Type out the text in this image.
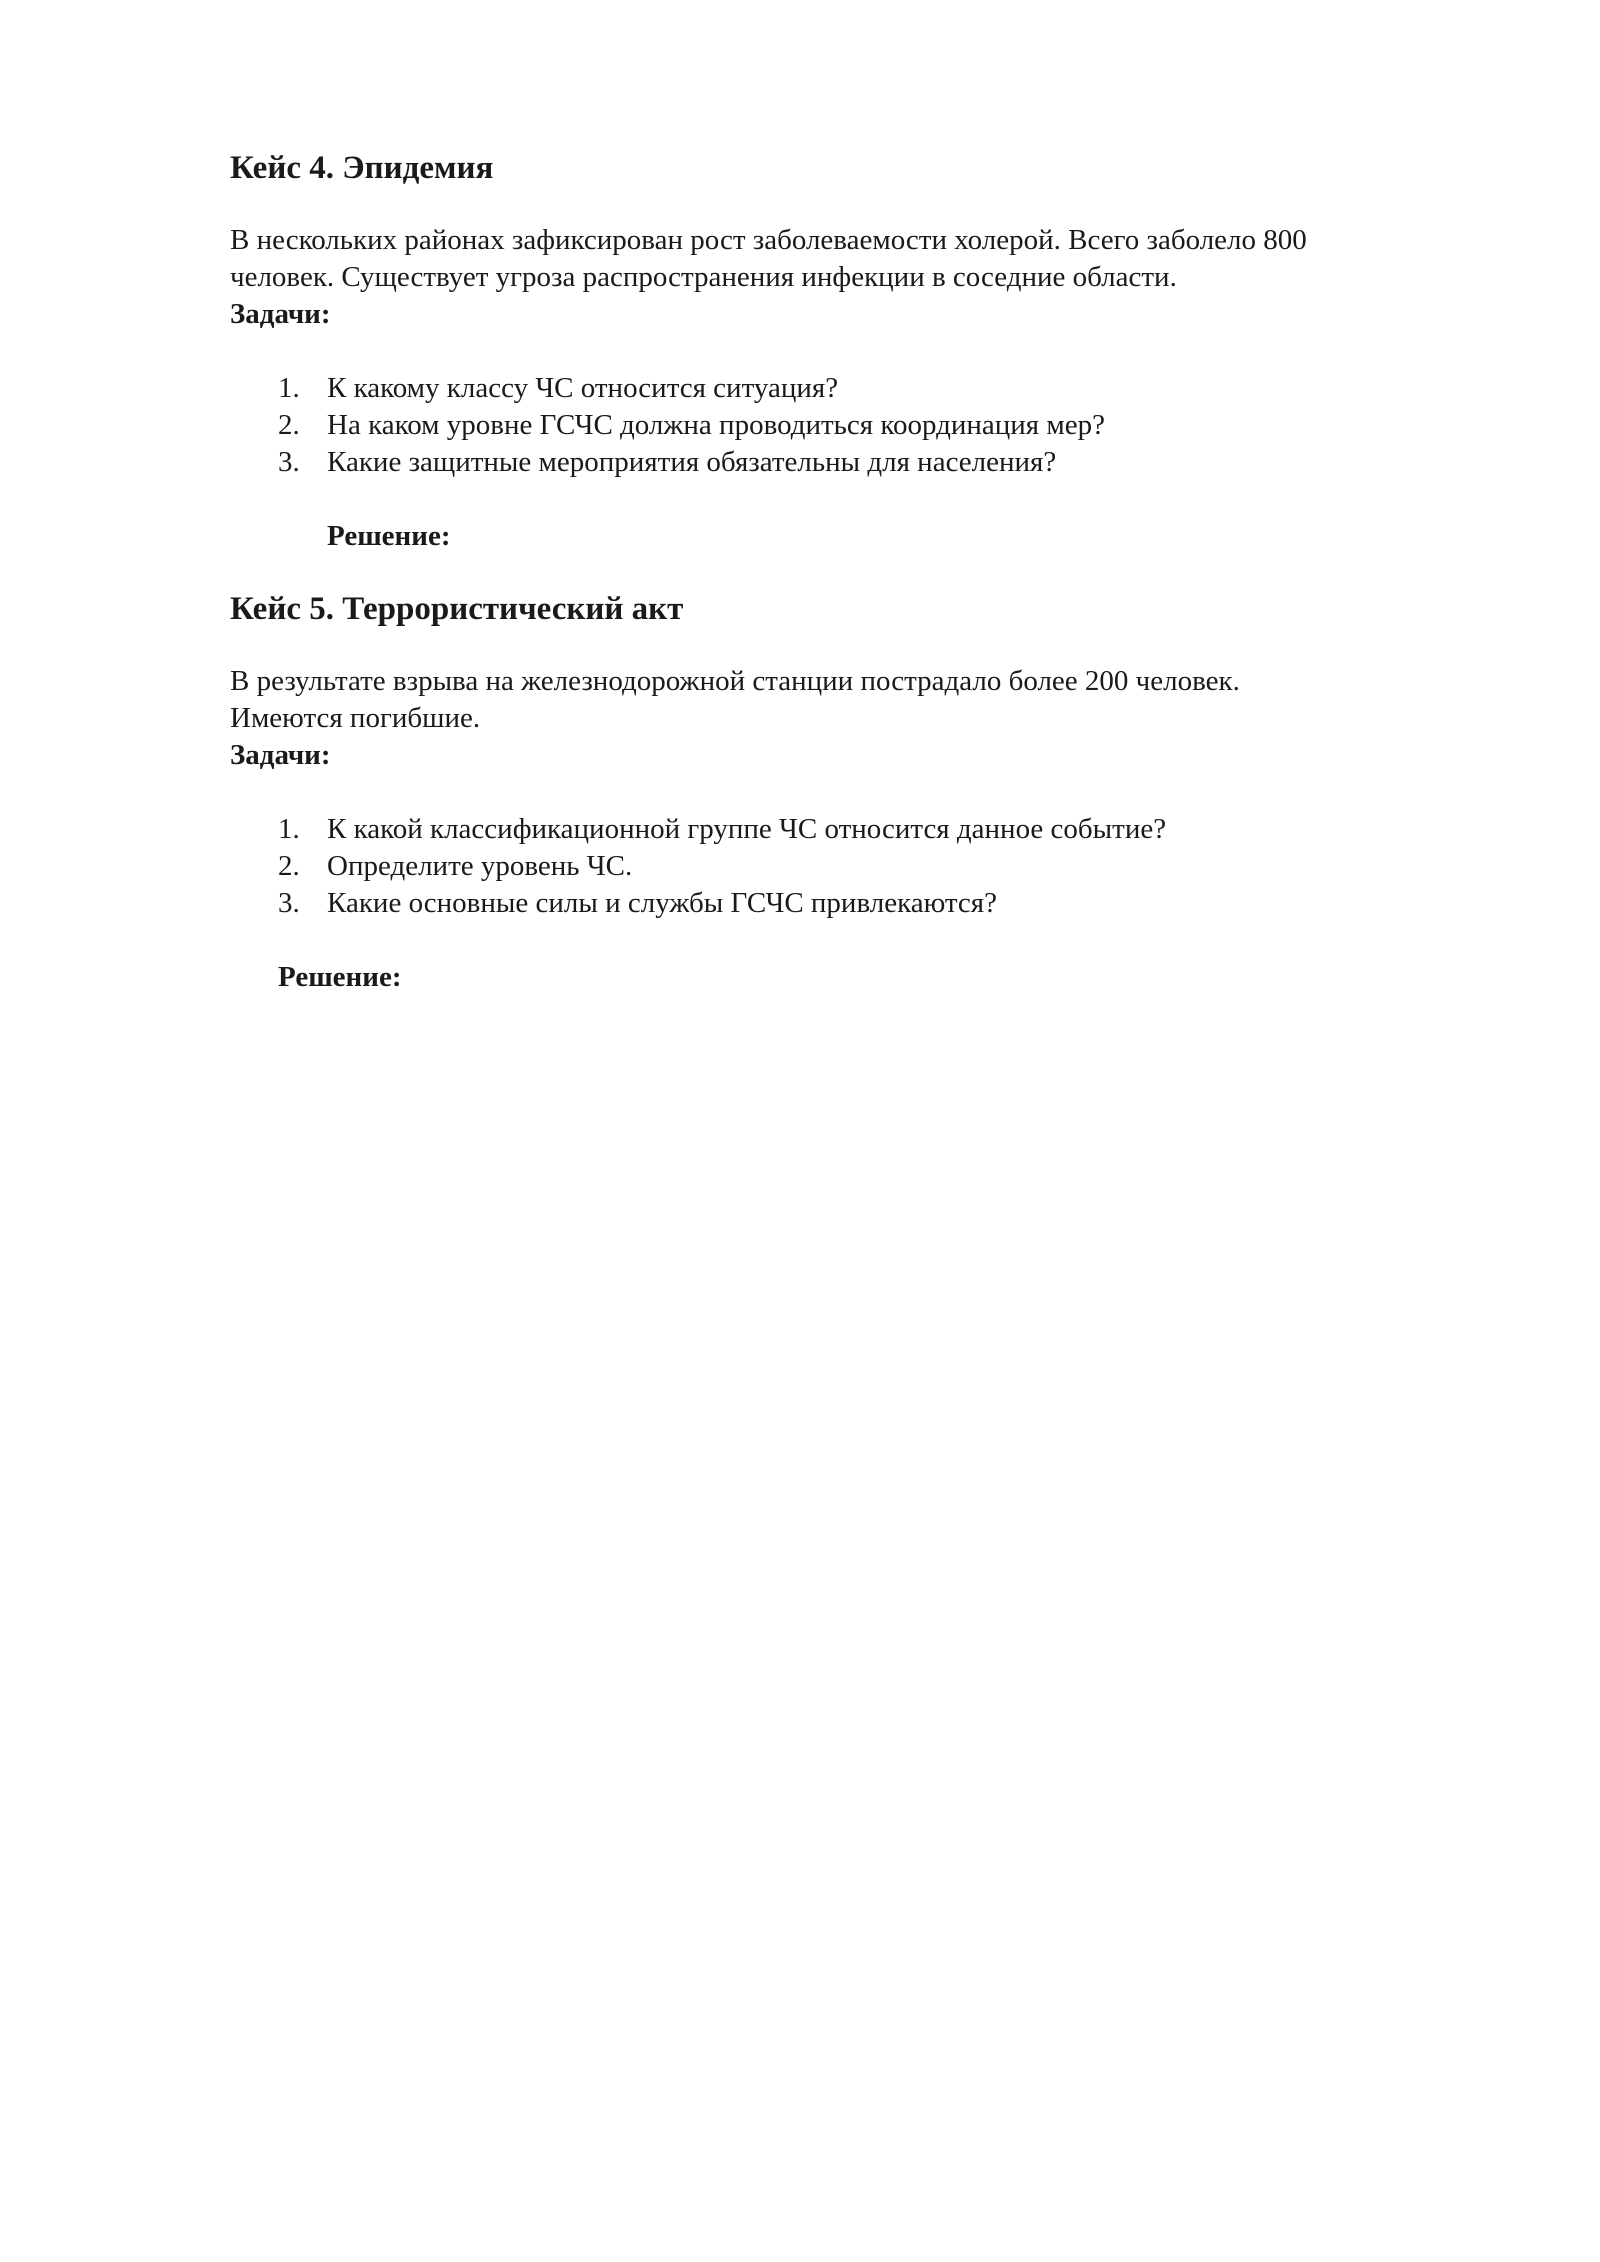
Кейс 4. Эпидемия

В нескольких районах зафиксирован рост заболеваемости холерой. Всего заболело 800

человек. Существует угроза распространения инфекции в соседние области.

Задачи:

1. К какому классу ЧС относится ситуация?
2. На каком уровне ГСЧС должна проводиться координация мер?
3. Какие защитные мероприятия обязательны для населения?

Решение:

Кейс 5. Террористический акт

В результате взрыва на железнодорожной станции пострадало более 200 человек.

Имеются погибшие.

Задачи:

1. К какой классификационной группе ЧС относится данное событие?
2. Определите уровень ЧС.
3. Какие основные силы и службы ГСЧС привлекаются?

Решение:
